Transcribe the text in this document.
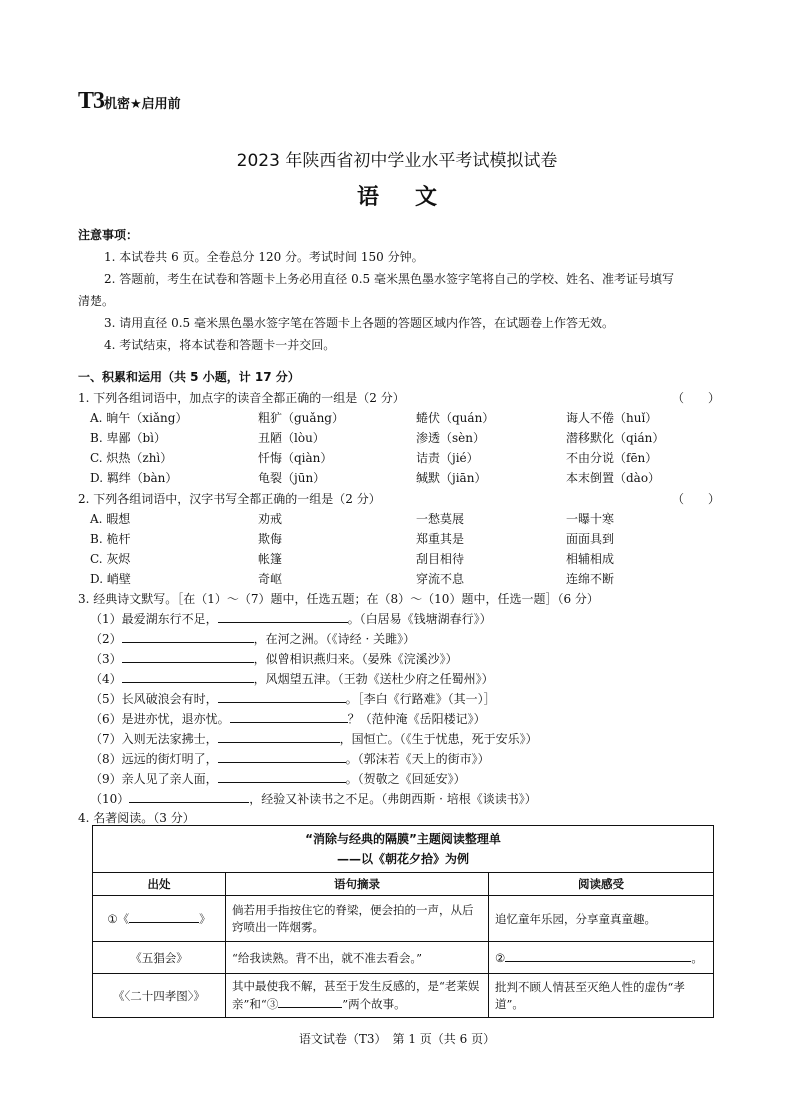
T3机密★启用前
2023 年陕西省初中学业水平考试模拟试卷
语文
注意事项：
1. 本试卷共 6 页。全卷总分 120 分。考试时间 150 分钟。
2. 答题前，考生在试卷和答题卡上务必用直径 0.5 毫米黑色墨水签字笔将自己的学校、姓名、准考证号填写
清楚。
3. 请用直径 0.5 毫米黑色墨水签字笔在答题卡上各题的答题区域内作答，在试题卷上作答无效。
4. 考试结束，将本试卷和答题卡一并交回。
一、积累和运用（共 5 小题，计 17 分）
1. 下列各组词语中，加点字的读音全都正确的一组是（2 分）	（　　）
A. 晌午（xiǎng）	粗犷（guǎng）	蜷伏（quán）	诲人不倦（huǐ）
B. 卑鄙（bì）	丑陋（lòu）	渗透（sèn）	潜移默化（qián）
C. 炽热（zhì）	忏悔（qiàn）	诘责（jié）	不由分说（fēn）
D. 羁绊（bàn）	龟裂（jūn）	缄默（jiān）	本末倒置（dào）
2. 下列各组词语中，汉字书写全都正确的一组是（2 分）	（　　）
A. 暇想	劝戒	一愁莫展	一曝十寒
B. 桅杆	欺侮	郑重其是	面面具到
C. 灰烬	帐篷	刮目相待	相辅相成
D. 峭壁	奇岖	穿流不息	连绵不断
3. 经典诗文默写。［在（1）～（7）题中，任选五题；在（8）～（10）题中，任选一题］（6 分）
（1）最爱湖东行不足，	。（白居易《钱塘湖春行》）
（2）	，在河之洲。（《诗经 · 关雎》）
（3）	，似曾相识燕归来。（晏殊《浣溪沙》）
（4）	，风烟望五津。（王勃《送杜少府之任蜀州》）
（5）长风破浪会有时，	。［李白《行路难》（其一）］
（6）是进亦忧，退亦忧。	？（范仲淹《岳阳楼记》）
（7）入则无法家拂士，	，国恒亡。（《生于忧患，死于安乐》）
（8）远远的街灯明了，	。（郭沫若《天上的街市》）
（9）亲人见了亲人面，	。（贺敬之《回延安》）
（10）	，经验又补读书之不足。（弗朗西斯 · 培根《谈读书》）
4. 名著阅读。（3 分）
“消除与经典的隔膜”主题阅读整理单
——以《朝花夕拾》为例		

出处	语句摘录	阅读感受
①《 》	倘若用手指按住它的脊梁，便会拍的一声，从后窍喷出一阵烟雾。	追忆童年乐园，分享童真童趣。
《五猖会》	“给我读熟。背不出，就不准去看会。”	② 。
《〈二十四孝图〉》	其中最使我不解，甚至于发生反感的，是“老莱娱亲”和“③ ”两个故事。	批判不顾人情甚至灭绝人性的虚伪“孝道”。
语文试卷（T3）　第 1 页（共 6 页）
